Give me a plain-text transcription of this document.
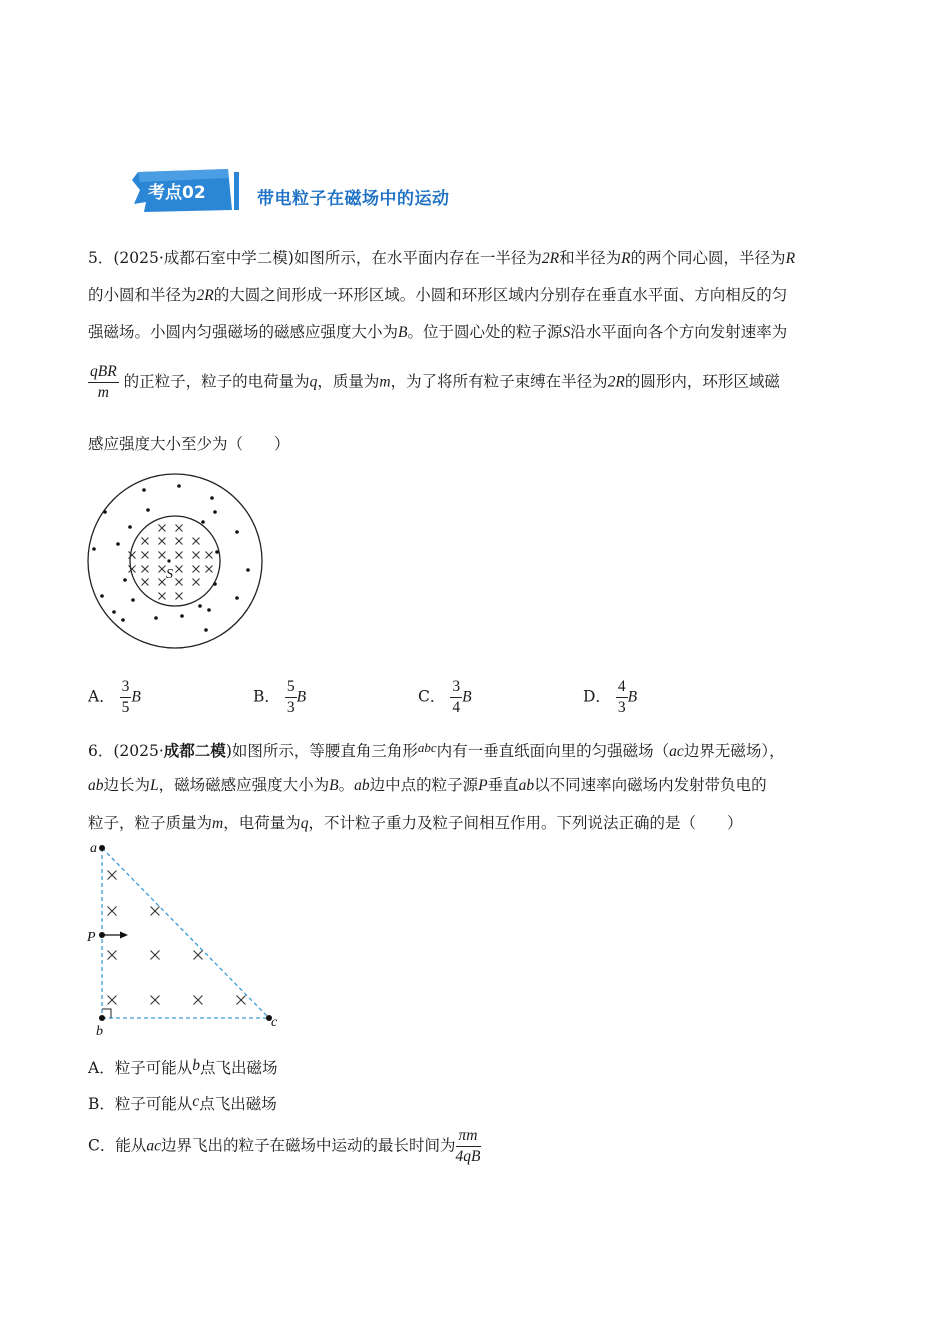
考点02	带电粒子在磁场中的运动
5．(2025·成都石室中学二模)如图所示，在水平面内存在一半径为2R和半径为R的两个同心圆，半径为R
的小圆和半径为2R的大圆之间形成一环形区域。小圆和环形区域内分别存在垂直水平面、方向相反的匀
强磁场。小圆内匀强磁场的磁感应强度大小为B。位于圆心处的粒子源S沿水平面向各个方向发射速率为
$\frac{\text{qBR}}{m}$ 的正粒子，粒子的电荷量为q，质量为m，为了将所有粒子束缚在半径为2R的圆形内，环形区域磁
感应强度大小至少为（　　）
S
A． $\frac{3}{5}$ B	B． $\frac{5}{3}$ B	C． $\frac{3}{4}$ B	D． $\frac{4}{3}$ B
6．(2025·成都二模)如图所示，等腰直角三角形$^{abc}$内有一垂直纸面向里的匀强磁场（ac边界无磁场），
ab边长为L，磁场磁感应强度大小为B。ab边中点的粒子源P垂直ab以不同速率向磁场内发射带负电的
粒子，粒子质量为m，电荷量为q，不计粒子重力及粒子间相互作用。下列说法正确的是（　　）
a
b
c
P
A．粒子可能从b点飞出磁场
B．粒子可能从c点飞出磁场
C．能从ac边界飞出的粒子在磁场中运动的最长时间为 $\frac{\pi m}{4qB}$
